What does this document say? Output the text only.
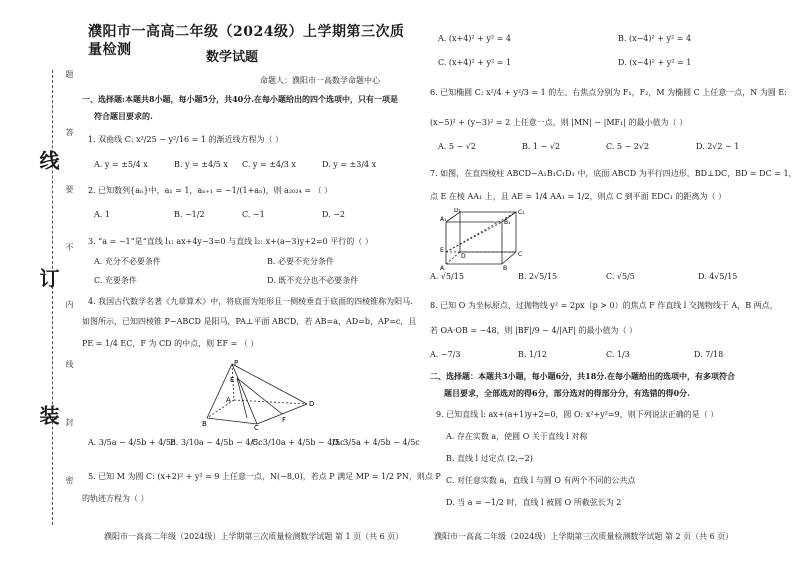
线
订
装
题
答
要
不
内
线
封
密
濮阳市一高高二年级（2024级）上学期第三次质量检测	数学试题
命题人：濮阳市一高数学命题中心
一、选择题:本题共8小题，每小题5分，共40分.在每小题给出的四个选项中，只有一项是
符合题目要求的.
1. 双曲线 C: x²/25 − y²/16 = 1 的渐近线方程为（ ）
A. y = ±5/4 x	B. y = ±4/5 x C. y = ±4/3 x	D. y = ±3/4 x
2. 已知数列{aₙ}中，a₁ = 1，aₙ₊₁ = −1/(1+aₙ)，则 a₂₀₂₄ = （ ）
A. 1	B. −1/2	C. −1	D. −2
3. “a = −1”是“直线 l₁: ax+4y−3=0 与直线 l₂: x+(a−3)y+2=0 平行的（ ）
A. 充分不必要条件	B. 必要不充分条件
C. 充要条件	D. 既不充分也不必要条件
4. 我国古代数学名著《九章算术》中，将底面为矩形且一侧棱垂直于底面的四棱锥称为阳马.
如图所示，已知四棱锥 P−ABCD 是阳马，PA⊥平面 ABCD，若 AB=a，AD=b，AP=c，且
PE = 1/4 EC，F 为 CD 的中点，则 EF = （ ）
P
E
A
B	C
D
F
A. 3/5a − 4/5b + 4/5c
B. 3/10a − 4/5b − 4/5c
C. 3/10a + 4/5b − 4/5c
D. 3/5a + 4/5b − 4/5c
5. 已知 M 为圆 C: (x+2)² + y² = 9 上任意一点，N(−8,0)，若点 P 满足 MP = 1/2 PN，则点 P
的轨迹方程为（ ）
濮阳市一高高二年级（2024级）上学期第三次质量检测数学试题 第 1 页（共 6 页）
A. (x+4)² + y² = 4	B. (x−4)² + y² = 4
C. (x+4)² + y² = 1	D. (x−4)² + y² = 1
6. 已知椭圆 C: x²/4 + y²/3 = 1 的左、右焦点分别为 F₁，F₂，M 为椭圆 C 上任意一点，N 为圆 E:
(x−5)² + (y−3)² = 2 上任意一点，则 |MN| − |MF₁| 的最小值为（ ）
A. 5 − √2	B. 1 − √2	C. 5 − 2√2	D. 2√2 − 1
7. 如图，在直四棱柱 ABCD−A₁B₁C₁D₁ 中，底面 ABCD 为平行四边形，BD⊥DC，BD = DC = 1，
点 E 在棱 AA₁ 上，且 AE = 1/4 AA₁ = 1/2，则点 C 到平面 EDC₁ 的距离为（ ）
D₁	C₁
A₁	B₁
E
D	C
A	B
A. √5/15	B. 2√5/15	C. √5/5	D. 4√5/15
8. 已知 O 为坐标原点，过抛物线 y² = 2px（p > 0）的焦点 F 作直线 l 交抛物线于 A，B 两点，
若 OA·OB = −48，则 |BF|/9 − 4/|AF| 的最小值为（ ）
A. −7/3	B. 1/12	C. 1/3	D. 7/18
二、选择题：本题共3小题，每小题6分，共18分.在每小题给出的选项中，有多项符合
题目要求，全部选对的得6分，部分选对的得部分分，有选错的得0分.
9. 已知直线 l: ax+(a+1)y+2=0，圆 O: x²+y²=9，则下列说法正确的是（ ）
A. 存在实数 a，使圆 O 关于直线 l 对称
B. 直线 l 过定点 (2,−2)
C. 对任意实数 a，直线 l 与圆 O 有两个不同的公共点
D. 当 a = −1/2 时，直线 l 被圆 O 所截弦长为 2
濮阳市一高高二年级（2024级）上学期第三次质量检测数学试题 第 2 页（共 6 页）
